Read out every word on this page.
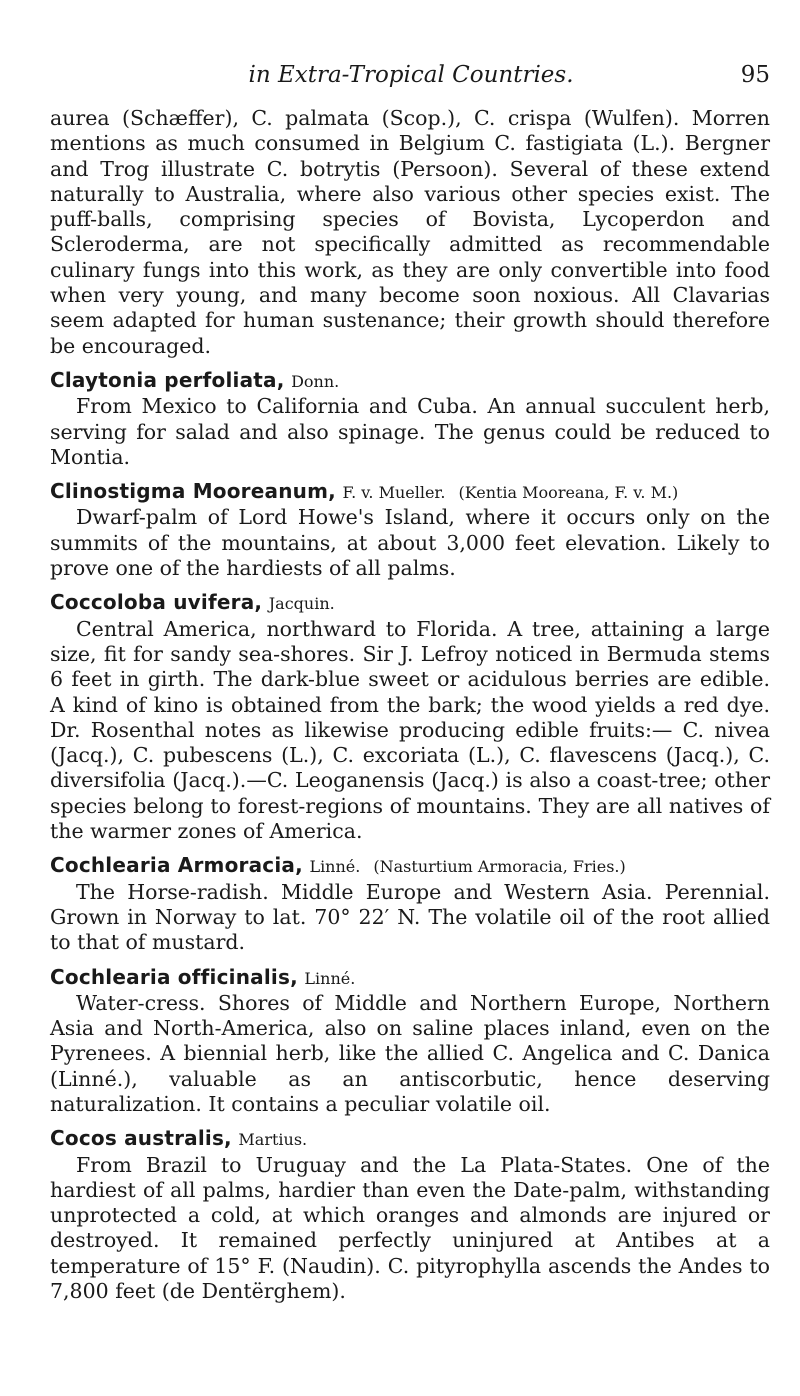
in Extra-Tropical Countries.	95

aurea (Schæffer), C. palmata (Scop.), C. crispa (Wulfen). Morren mentions as much consumed in Belgium C. fastigiata (L.). Bergner and Trog illustrate C. botrytis (Persoon). Several of these extend naturally to Australia, where also various other species exist. The puff-balls, comprising species of Bovista, Lycoperdon and Scleroderma, are not specifically admitted as recommendable culinary fungs into this work, as they are only convertible into food when very young, and many become soon noxious. All Clavarias seem adapted for human sustenance; their growth should therefore be encouraged.

Claytonia perfoliata, Donn.

From Mexico to California and Cuba. An annual succulent herb, serving for salad and also spinage. The genus could be reduced to Montia.

Clinostigma Mooreanum, F. v. Mueller. (Kentia Mooreana, F. v. M.)

Dwarf-palm of Lord Howe's Island, where it occurs only on the summits of the mountains, at about 3,000 feet elevation. Likely to prove one of the hardiests of all palms.

Coccoloba uvifera, Jacquin.

Central America, northward to Florida. A tree, attaining a large size, fit for sandy sea-shores. Sir J. Lefroy noticed in Bermuda stems 6 feet in girth. The dark-blue sweet or acidulous berries are edible. A kind of kino is obtained from the bark; the wood yields a red dye. Dr. Rosenthal notes as likewise producing edible fruits:— C. nivea (Jacq.), C. pubescens (L.), C. excoriata (L.), C. flavescens (Jacq.), C. diversifolia (Jacq.).—C. Leoganensis (Jacq.) is also a coast-tree; other species belong to forest-regions of mountains. They are all natives of the warmer zones of America.

Cochlearia Armoracia, Linné. (Nasturtium Armoracia, Fries.)

The Horse-radish. Middle Europe and Western Asia. Perennial. Grown in Norway to lat. 70° 22′ N. The volatile oil of the root allied to that of mustard.

Cochlearia officinalis, Linné.

Water-cress. Shores of Middle and Northern Europe, Northern Asia and North-America, also on saline places inland, even on the Pyrenees. A biennial herb, like the allied C. Angelica and C. Danica (Linné.), valuable as an antiscorbutic, hence deserving naturalization. It contains a peculiar volatile oil.

Cocos australis, Martius.

From Brazil to Uruguay and the La Plata-States. One of the hardiest of all palms, hardier than even the Date-palm, withstanding unprotected a cold, at which oranges and almonds are injured or destroyed. It remained perfectly uninjured at Antibes at a temperature of 15° F. (Naudin). C. pityrophylla ascends the Andes to 7,800 feet (de Dentërghem).
